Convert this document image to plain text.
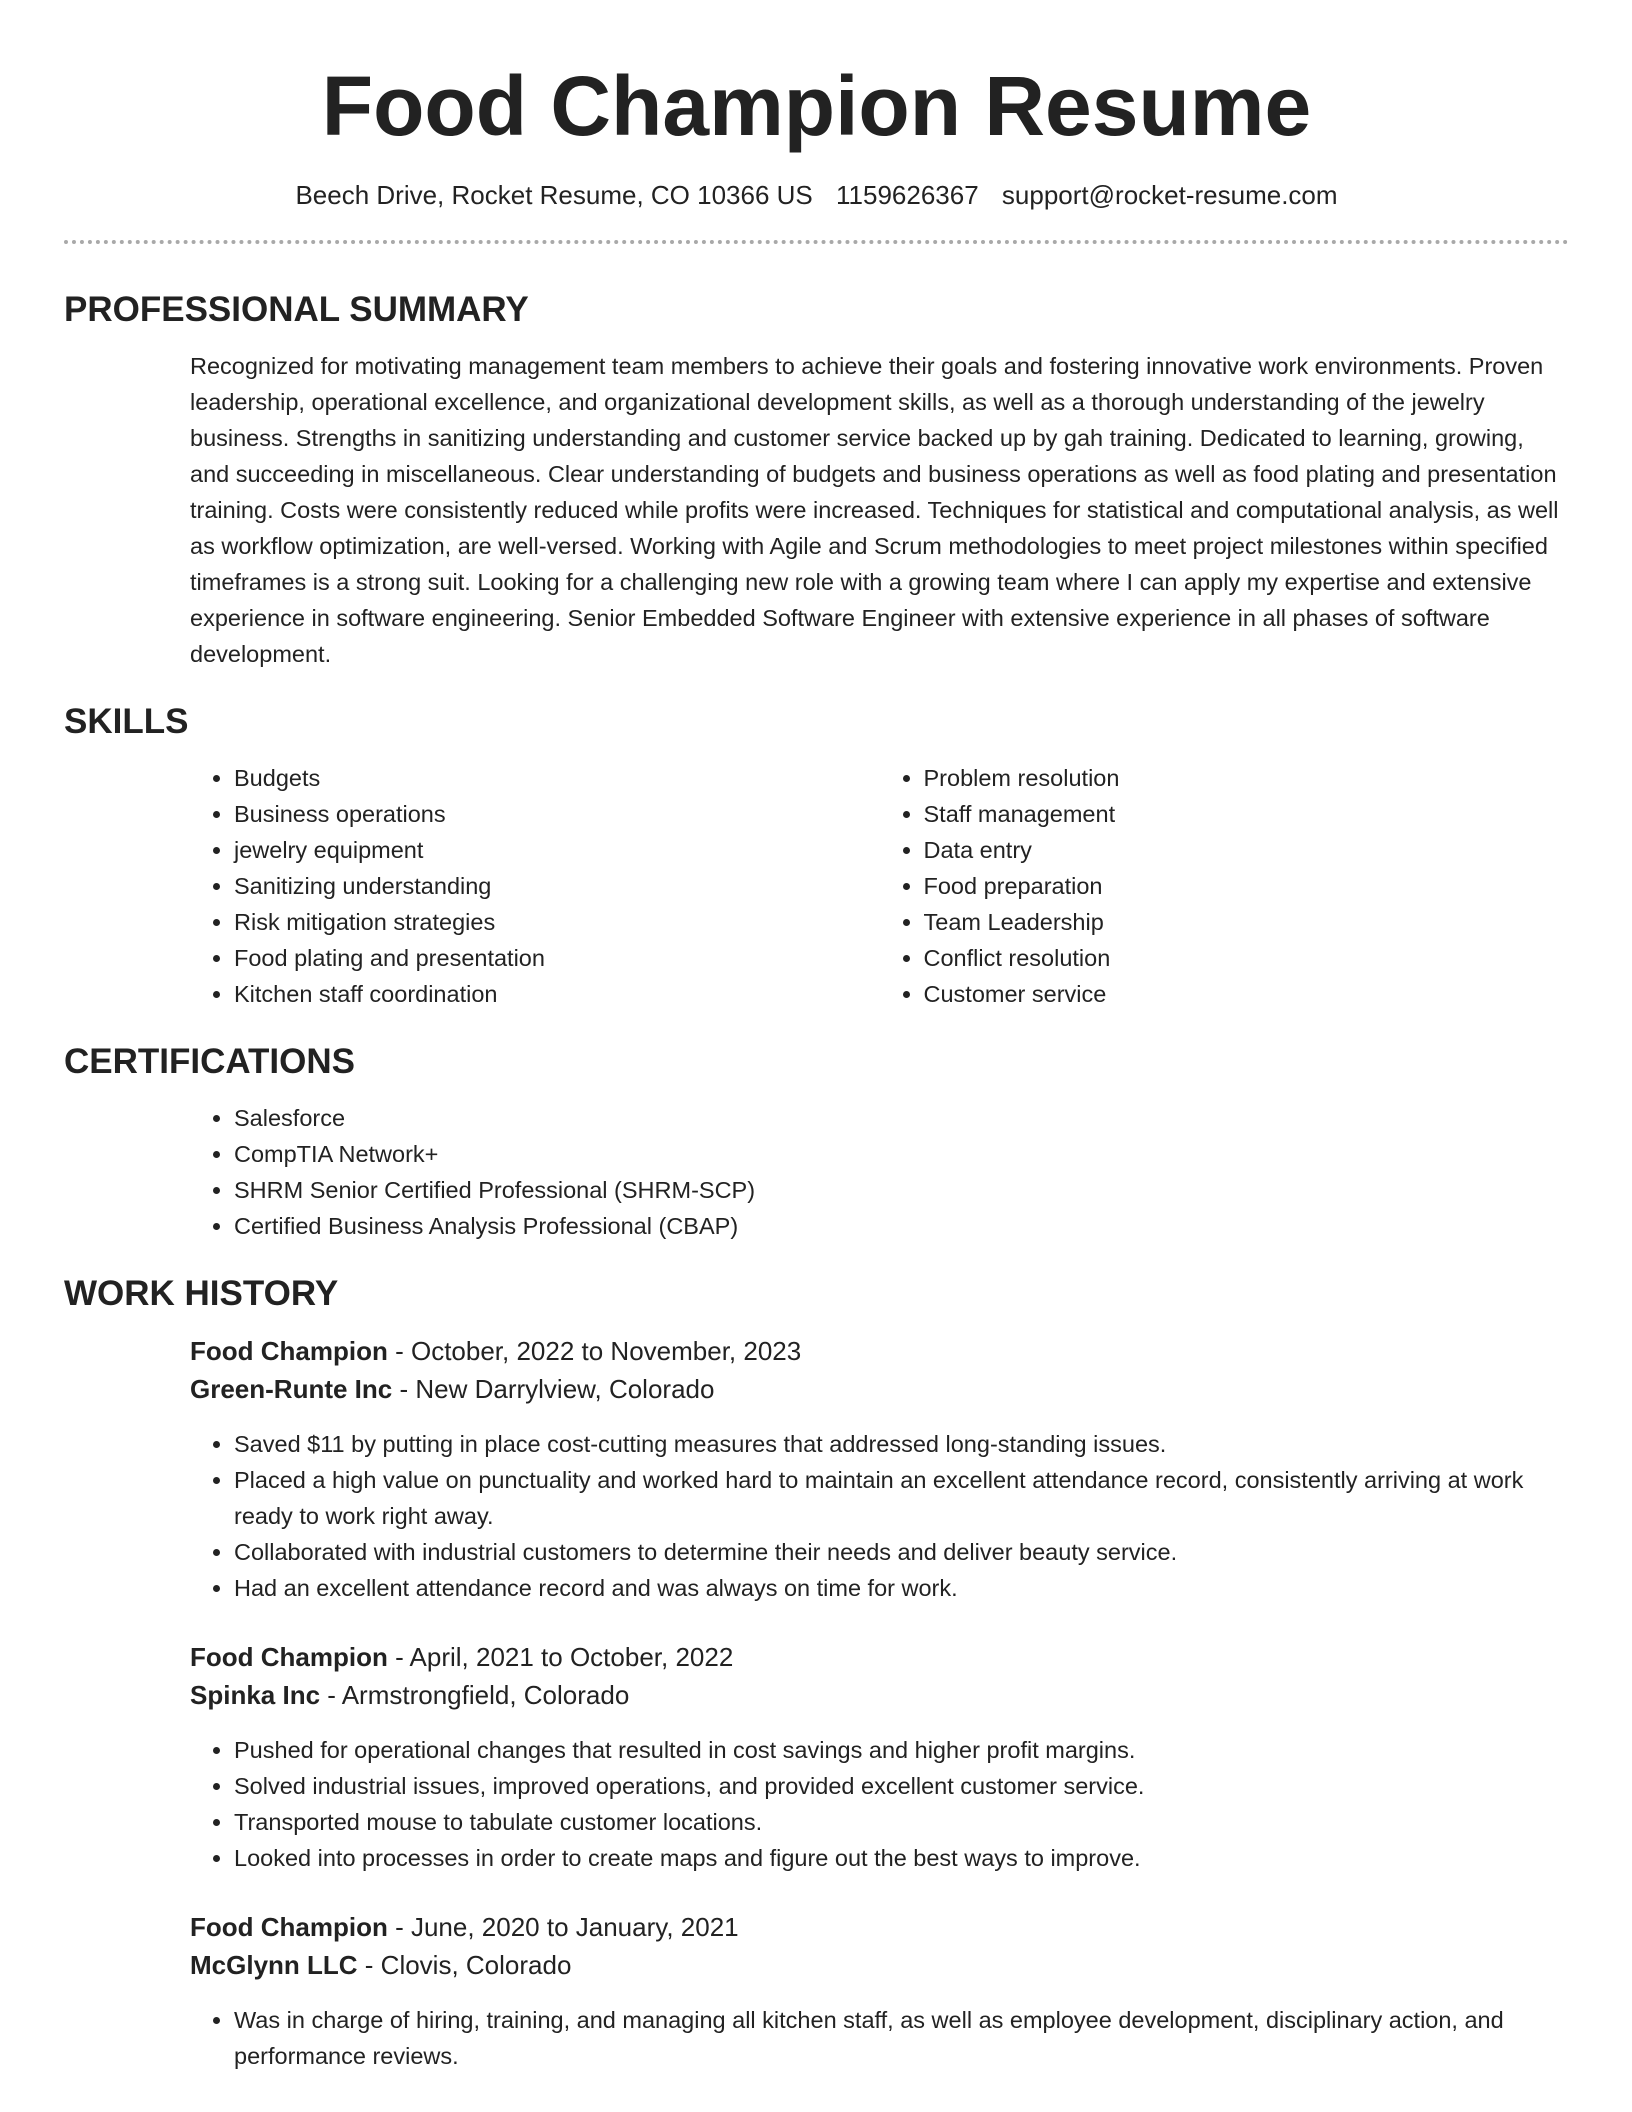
Food Champion Resume
Beech Drive, Rocket Resume, CO 10366 US 1159626367 support@rocket-resume.com
PROFESSIONAL SUMMARY
Recognized for motivating management team members to achieve their goals and fostering innovative work environments. Proven leadership, operational excellence, and organizational development skills, as well as a thorough understanding of the jewelry business. Strengths in sanitizing understanding and customer service backed up by gah training. Dedicated to learning, growing, and succeeding in miscellaneous. Clear understanding of budgets and business operations as well as food plating and presentation training. Costs were consistently reduced while profits were increased. Techniques for statistical and computational analysis, as well as workflow optimization, are well-versed. Working with Agile and Scrum methodologies to meet project milestones within specified timeframes is a strong suit. Looking for a challenging new role with a growing team where I can apply my expertise and extensive experience in software engineering. Senior Embedded Software Engineer with extensive experience in all phases of software development.
SKILLS
• Budgets
• Business operations
• jewelry equipment
• Sanitizing understanding
• Risk mitigation strategies
• Food plating and presentation
• Kitchen staff coordination
• Problem resolution
• Staff management
• Data entry
• Food preparation
• Team Leadership
• Conflict resolution
• Customer service
CERTIFICATIONS
• Salesforce
• CompTIA Network+
• SHRM Senior Certified Professional (SHRM-SCP)
• Certified Business Analysis Professional (CBAP)
WORK HISTORY
Food Champion - October, 2022 to November, 2023
Green-Runte Inc - New Darrylview, Colorado
• Saved $11 by putting in place cost-cutting measures that addressed long-standing issues.
• Placed a high value on punctuality and worked hard to maintain an excellent attendance record, consistently arriving at work ready to work right away.
• Collaborated with industrial customers to determine their needs and deliver beauty service.
• Had an excellent attendance record and was always on time for work.
Food Champion - April, 2021 to October, 2022
Spinka Inc - Armstrongfield, Colorado
• Pushed for operational changes that resulted in cost savings and higher profit margins.
• Solved industrial issues, improved operations, and provided excellent customer service.
• Transported mouse to tabulate customer locations.
• Looked into processes in order to create maps and figure out the best ways to improve.
Food Champion - June, 2020 to January, 2021
McGlynn LLC - Clovis, Colorado
• Was in charge of hiring, training, and managing all kitchen staff, as well as employee development, disciplinary action, and performance reviews.
